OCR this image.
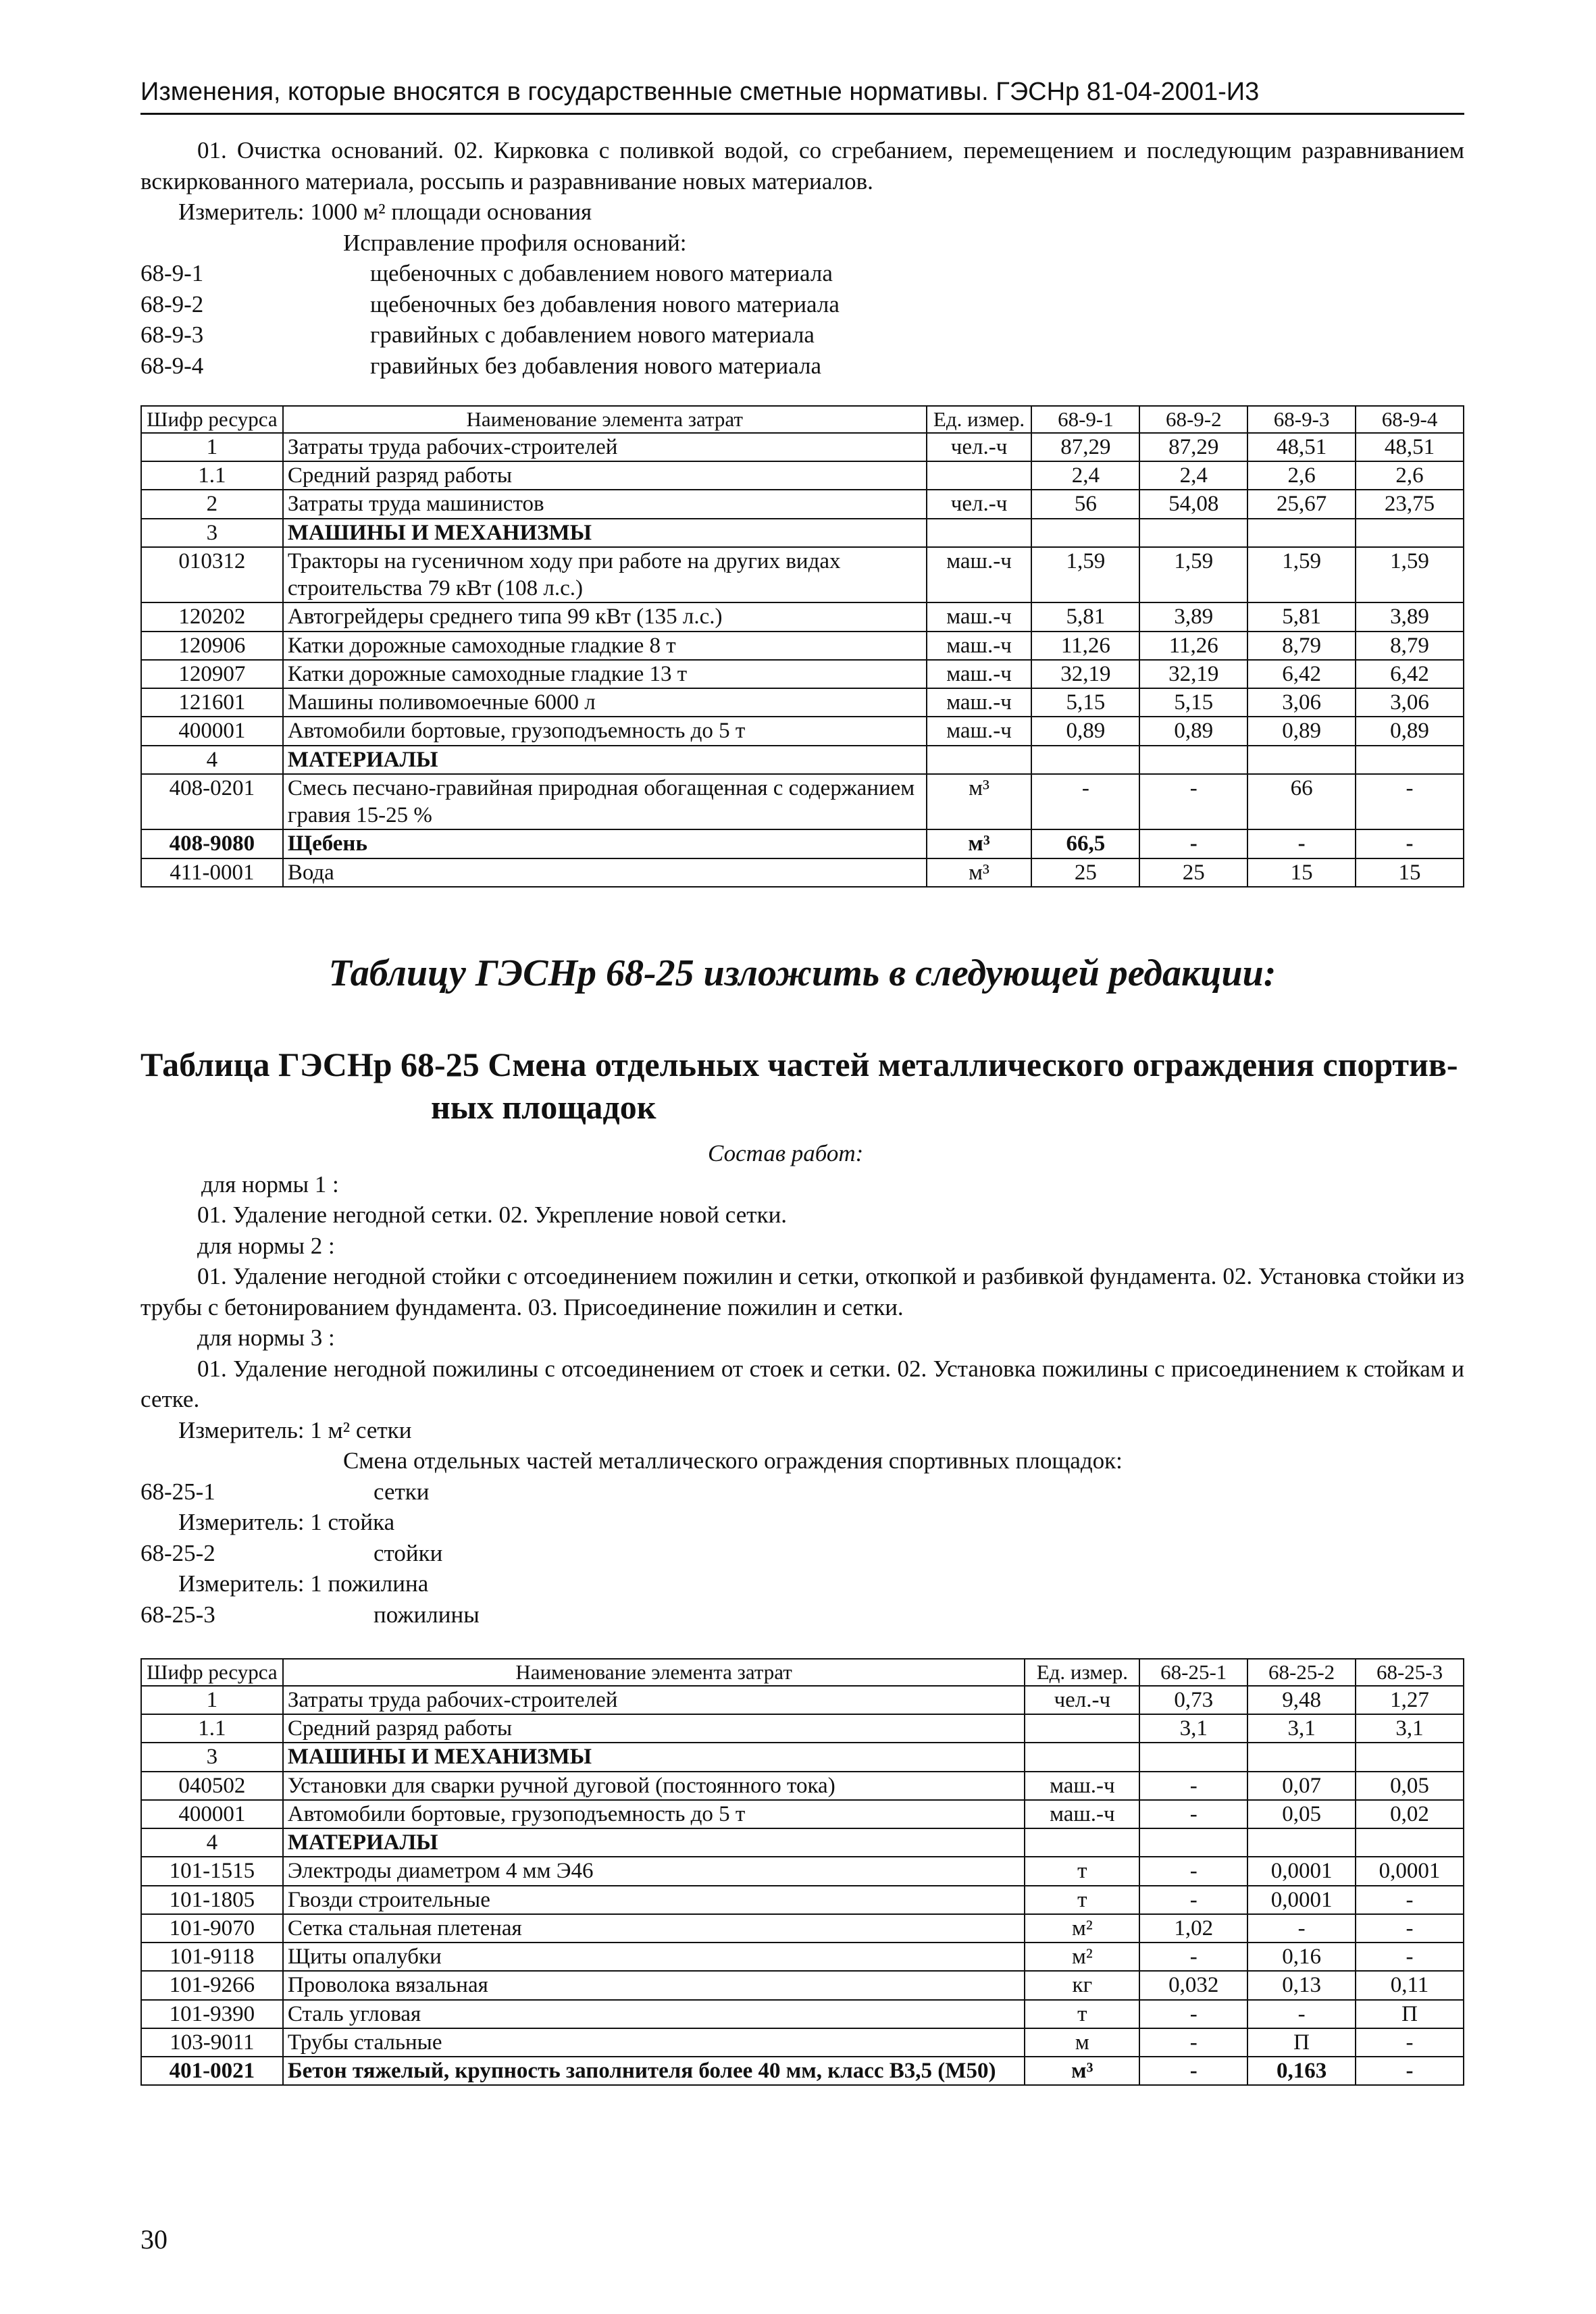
Изменения, которые вносятся в государственные сметные нормативы. ГЭСНр 81-04-2001-И3

01. Очистка оснований. 02. Кирковка с поливкой водой, со сгребанием, перемещением и последующим разравниванием вскиркованного материала, россыпь и разравнивание новых материалов.

Измеритель: 1000 м² площади основания

Исправление профиля оснований:

68-9-1	щебеночных с добавлением нового материала
68-9-2	щебеночных без добавления нового материала
68-9-3	гравийных с добавлением нового материала
68-9-4	гравийных без добавления нового материала
Шифр ресурса	Наименование элемента затрат	Ед. измер.	68-9-1	68-9-2	68-9-3	68-9-4
1	Затраты труда рабочих-строителей	чел.-ч	87,29	87,29	48,51	48,51
1.1	Средний разряд работы		2,4	2,4	2,6	2,6
2	Затраты труда машинистов	чел.-ч	56	54,08	25,67	23,75
3	МАШИНЫ И МЕХАНИЗМЫ					
010312	Тракторы на гусеничном ходу при работе на других видах строительства 79 кВт (108 л.с.)	маш.-ч	1,59	1,59	1,59	1,59
120202	Автогрейдеры среднего типа 99 кВт (135 л.с.)	маш.-ч	5,81	3,89	5,81	3,89
120906	Катки дорожные самоходные гладкие 8 т	маш.-ч	11,26	11,26	8,79	8,79
120907	Катки дорожные самоходные гладкие 13 т	маш.-ч	32,19	32,19	6,42	6,42
121601	Машины поливомоечные 6000 л	маш.-ч	5,15	5,15	3,06	3,06
400001	Автомобили бортовые, грузоподъемность до 5 т	маш.-ч	0,89	0,89	0,89	0,89
4	МАТЕРИАЛЫ					
408-0201	Смесь песчано-гравийная природная обогащенная с содержанием гравия 15-25 %	м³	-	-	66	-
408-9080	Щебень	м³	66,5	-	-	-
411-0001	Вода	м³	25	25	15	15
Таблицу ГЭСНр 68-25 изложить в следующей редакции:
Таблица ГЭСНр 68-25 Смена отдельных частей металлического ограждения спортив-
ных площадок

Состав работ:

для нормы 1 :

01. Удаление негодной сетки. 02. Укрепление новой сетки.

для нормы 2 :

01. Удаление негодной стойки с отсоединением пожилин и сетки, откопкой и разбивкой фундамента. 02. Установка стойки из трубы с бетонированием фундамента. 03. Присоединение пожилин и сетки.

для нормы 3 :

01. Удаление негодной пожилины с отсоединением от стоек и сетки. 02. Установка пожилины с присоединением к стойкам и сетке.

Измеритель: 1 м² сетки

Смена отдельных частей металлического ограждения спортивных площадок:

68-25-1	сетки

Измеритель: 1 стойка

68-25-2	стойки

Измеритель: 1 пожилина

68-25-3	пожилины
Шифр ресурса	Наименование элемента затрат	Ед. измер.	68-25-1	68-25-2	68-25-3
1	Затраты труда рабочих-строителей	чел.-ч	0,73	9,48	1,27
1.1	Средний разряд работы		3,1	3,1	3,1
3	МАШИНЫ И МЕХАНИЗМЫ				
040502	Установки для сварки ручной дуговой (постоянного тока)	маш.-ч	-	0,07	0,05
400001	Автомобили бортовые, грузоподъемность до 5 т	маш.-ч	-	0,05	0,02
4	МАТЕРИАЛЫ				
101-1515	Электроды диаметром 4 мм Э46	т	-	0,0001	0,0001
101-1805	Гвозди строительные	т	-	0,0001	-
101-9070	Сетка стальная плетеная	м²	1,02	-	-
101-9118	Щиты опалубки	м²	-	0,16	-
101-9266	Проволока вязальная	кг	0,032	0,13	0,11
101-9390	Сталь угловая	т	-	-	П
103-9011	Трубы стальные	м	-	П	-
401-0021	Бетон тяжелый, крупность заполнителя более 40 мм, класс В3,5 (М50)	м³	-	0,163	-
30
